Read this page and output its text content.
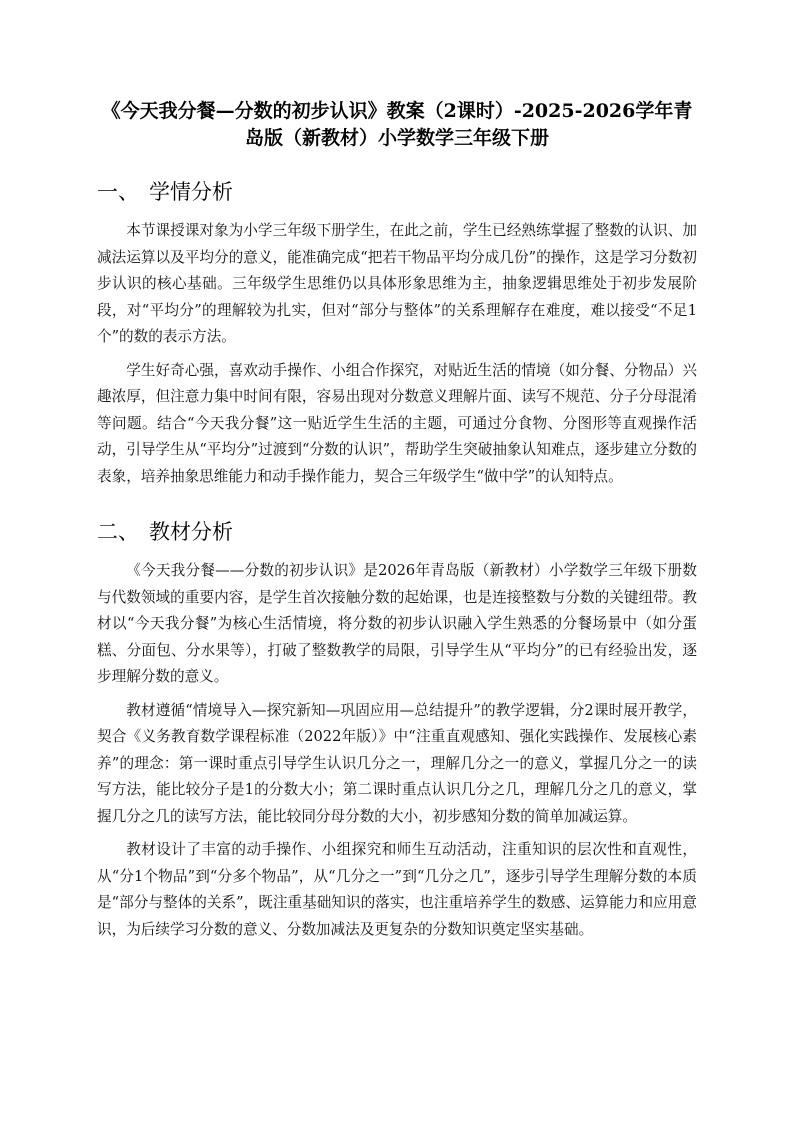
《今天我分餐—分数的初步认识》教案（2课时）-2025-2026学年青岛版（新教材）小学数学三年级下册
一、 学情分析

本节课授课对象为小学三年级下册学生，在此之前，学生已经熟练掌握了整数的认识、加减法运算以及平均分的意义，能准确完成“把若干物品平均分成几份”的操作，这是学习分数初步认识的核心基础。三年级学生思维仍以具体形象思维为主，抽象逻辑思维处于初步发展阶段，对“平均分”的理解较为扎实，但对“部分与整体”的关系理解存在难度，难以接受“不足1个”的数的表示方法。

学生好奇心强，喜欢动手操作、小组合作探究，对贴近生活的情境（如分餐、分物品）兴趣浓厚，但注意力集中时间有限，容易出现对分数意义理解片面、读写不规范、分子分母混淆等问题。结合“今天我分餐”这一贴近学生生活的主题，可通过分食物、分图形等直观操作活动，引导学生从“平均分”过渡到“分数的认识”，帮助学生突破抽象认知难点，逐步建立分数的表象，培养抽象思维能力和动手操作能力，契合三年级学生“做中学”的认知特点。

二、 教材分析

《今天我分餐——分数的初步认识》是2026年青岛版（新教材）小学数学三年级下册数与代数领域的重要内容，是学生首次接触分数的起始课，也是连接整数与分数的关键纽带。教材以“今天我分餐”为核心生活情境，将分数的初步认识融入学生熟悉的分餐场景中（如分蛋糕、分面包、分水果等），打破了整数教学的局限，引导学生从“平均分”的已有经验出发，逐步理解分数的意义。

教材遵循“情境导入—探究新知—巩固应用—总结提升”的教学逻辑，分2课时展开教学，契合《义务教育数学课程标准（2022年版）》中“注重直观感知、强化实践操作、发展核心素养”的理念：第一课时重点引导学生认识几分之一，理解几分之一的意义，掌握几分之一的读写方法，能比较分子是1的分数大小；第二课时重点认识几分之几，理解几分之几的意义，掌握几分之几的读写方法，能比较同分母分数的大小，初步感知分数的简单加减运算。

教材设计了丰富的动手操作、小组探究和师生互动活动，注重知识的层次性和直观性，从“分1个物品”到“分多个物品”，从“几分之一”到“几分之几”，逐步引导学生理解分数的本质是“部分与整体的关系”，既注重基础知识的落实，也注重培养学生的数感、运算能力和应用意识，为后续学习分数的意义、分数加减法及更复杂的分数知识奠定坚实基础。
